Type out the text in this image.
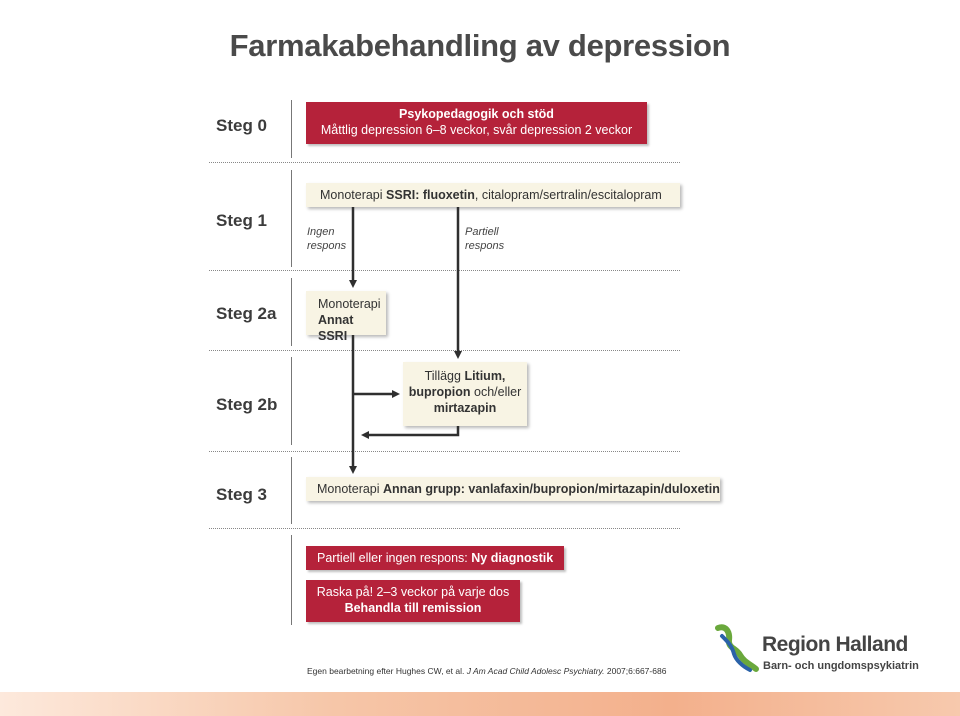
Farmakabehandling av depression
Steg 0
Steg 1
Steg 2a
Steg 2b
Steg 3
Psykopedagogik och stöd
Måttlig depression 6–8 veckor, svår depression 2 veckor
Monoterapi SSRI: fluoxetin, citalopram/sertralin/escitalopram
Ingen
respons
Partiell
respons
Monoterapi
Annat SSRI
Tillägg Litium,
bupropion och/eller
mirtazapin
Monoterapi Annan grupp: vanlafaxin/bupropion/mirtazapin/duloxetin
Partiell eller ingen respons: Ny diagnostik
Raska på! 2–3 veckor på varje dos
Behandla till remission
Egen bearbetning efter Hughes CW, et al. J Am Acad Child Adolesc Psychiatry. 2007;6:667-686
Region Halland
Barn- och ungdomspsykiatrin
